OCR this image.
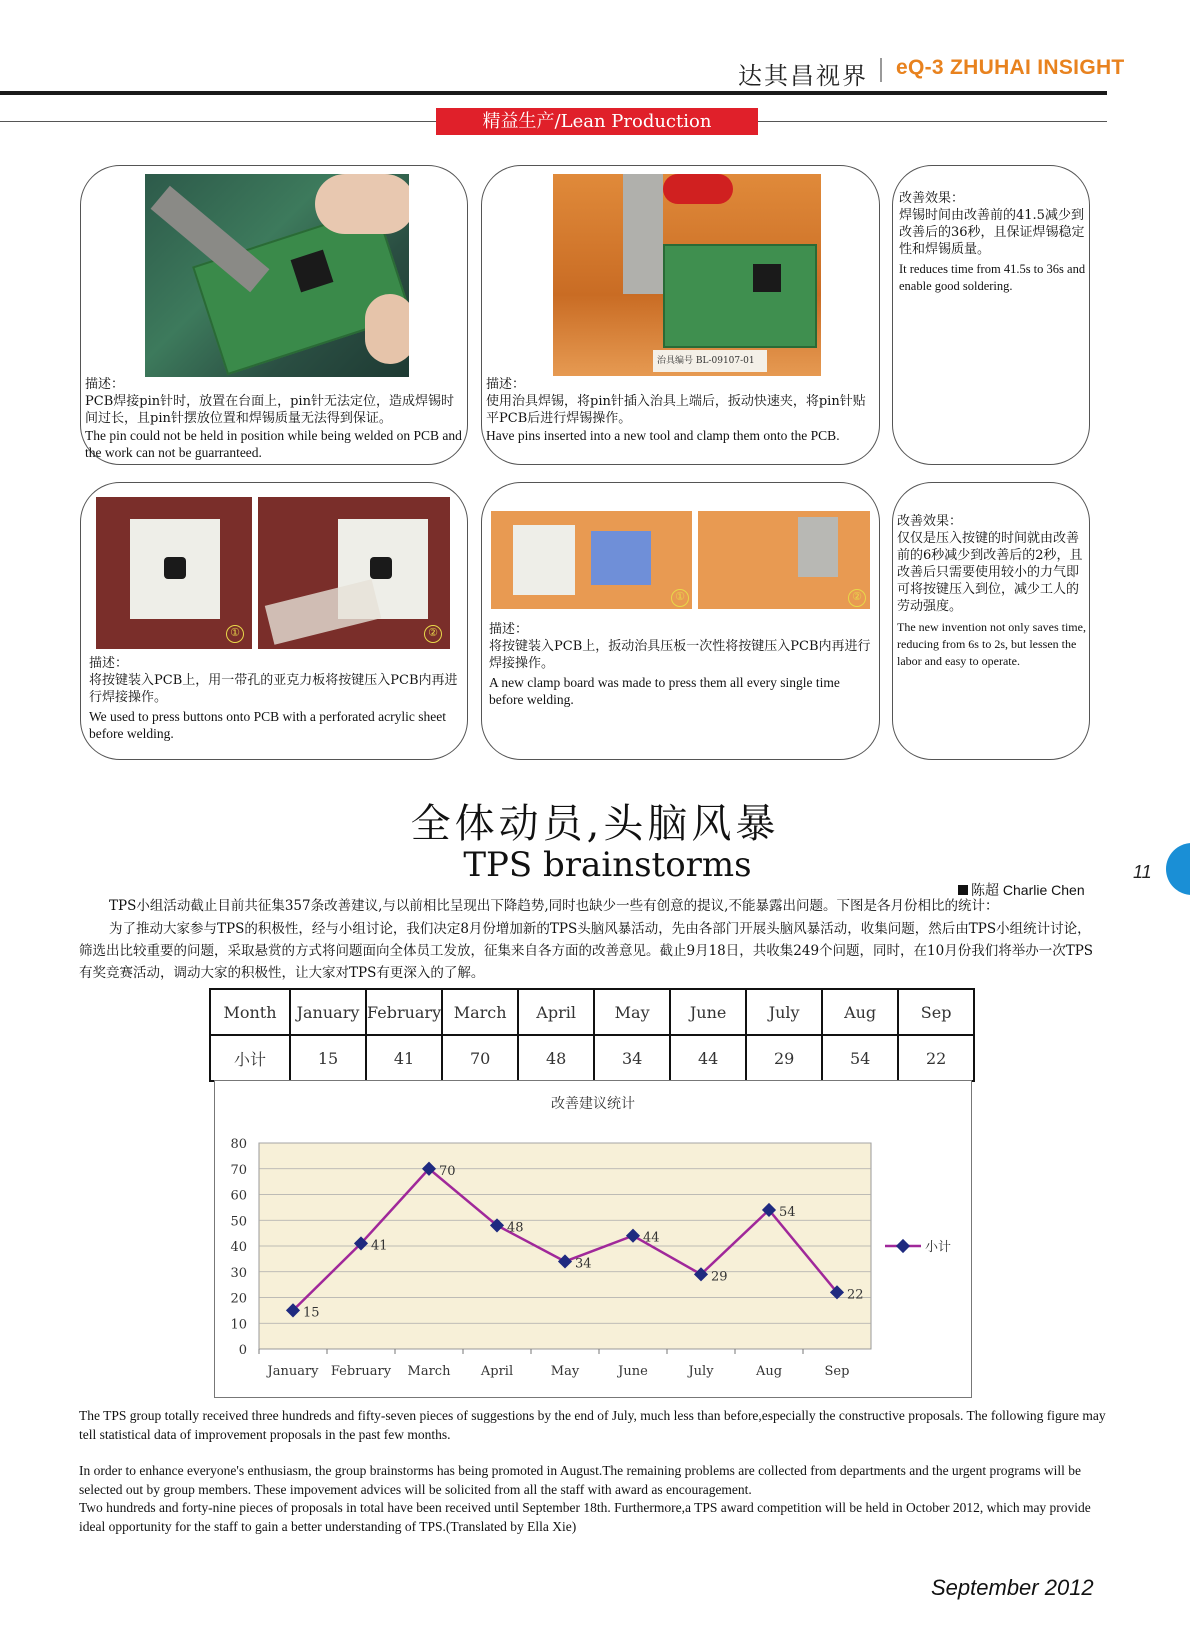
达其昌视界 eQ-3 ZHUHAI INSIGHT
精益生产/Lean Production
描述：
PCB焊接pin针时，放置在台面上，pin针无法定位，造成焊锡时间过长，且pin针摆放位置和焊锡质量无法得到保证。
The pin could not be held in position while being welded on PCB and the work can not be guarranteed.
治具编号 BL-09107-01
描述：
使用治具焊锡，将pin针插入治具上端后，扳动快速夹，将pin针贴平PCB后进行焊锡操作。
Have pins inserted into a new tool and clamp them onto the PCB.
改善效果：
焊锡时间由改善前的41.5减少到改善后的36秒，且保证焊锡稳定性和焊锡质量。
It reduces time from 41.5s to 36s and enable good soldering.
①	②
描述：
将按键装入PCB上，用一带孔的亚克力板将按键压入PCB内再进行焊接操作。
We used to press buttons onto PCB with a perforated acrylic sheet before welding.
①	②
描述：
将按键装入PCB上，扳动治具压板一次性将按键压入PCB内再进行焊接操作。
A new clamp board was made to press them all every single time before welding.
改善效果：
仅仅是压入按键的时间就由改善前的6秒减少到改善后的2秒，且改善后只需要使用较小的力气即可将按键压入到位，减少工人的劳动强度。
The new invention not only saves time, reducing from 6s to 2s, but lessen the labor and easy to operate.
全体动员,头脑风暴
TPS brainstorms
陈超 Charlie Chen
11
TPS小组活动截止目前共征集357条改善建议,与以前相比呈现出下降趋势,同时也缺少一些有创意的提议,不能暴露出问题。下图是各月份相比的统计：
为了推动大家参与TPS的积极性，经与小组讨论，我们决定8月份增加新的TPS头脑风暴活动，先由各部门开展头脑风暴活动，收集问题，然后由TPS小组统计讨论，筛选出比较重要的问题，采取悬赏的方式将问题面向全体员工发放，征集来自各方面的改善意见。截止9月18日，共收集249个问题，同时，在10月份我们将举办一次TPS有奖竞赛活动，调动大家的积极性，让大家对TPS有更深入的了解。
Month	January	February	March	April	May	June	July	Aug	Sep
小计	15	41	70	48	34	44	29	54	22
改善建议统计
0
10
20
30
40
50
60
70
80
January February March April	May	June	July	Aug	Sep
15
41
70
48
34
44
29
54
22
小计
The TPS group totally received three hundreds and fifty-seven pieces of suggestions by the end of July, much less than before,especially the constructive proposals. The following figure may tell statistical data of improvement proposals in the past few months.
In order to enhance everyone's enthusiasm, the group brainstorms has being promoted in August.The remaining problems are collected from departments and the urgent programs will be selected out by group members. These impovement advices will be solicited from all the staff with award as encouragement.
Two hundreds and forty-nine pieces of proposals in total have been received until September 18th. Furthermore,a TPS award competition will be held in October 2012, which may provide ideal opportunity for the staff to gain a better understanding of TPS.(Translated by Ella Xie)
September 2012
